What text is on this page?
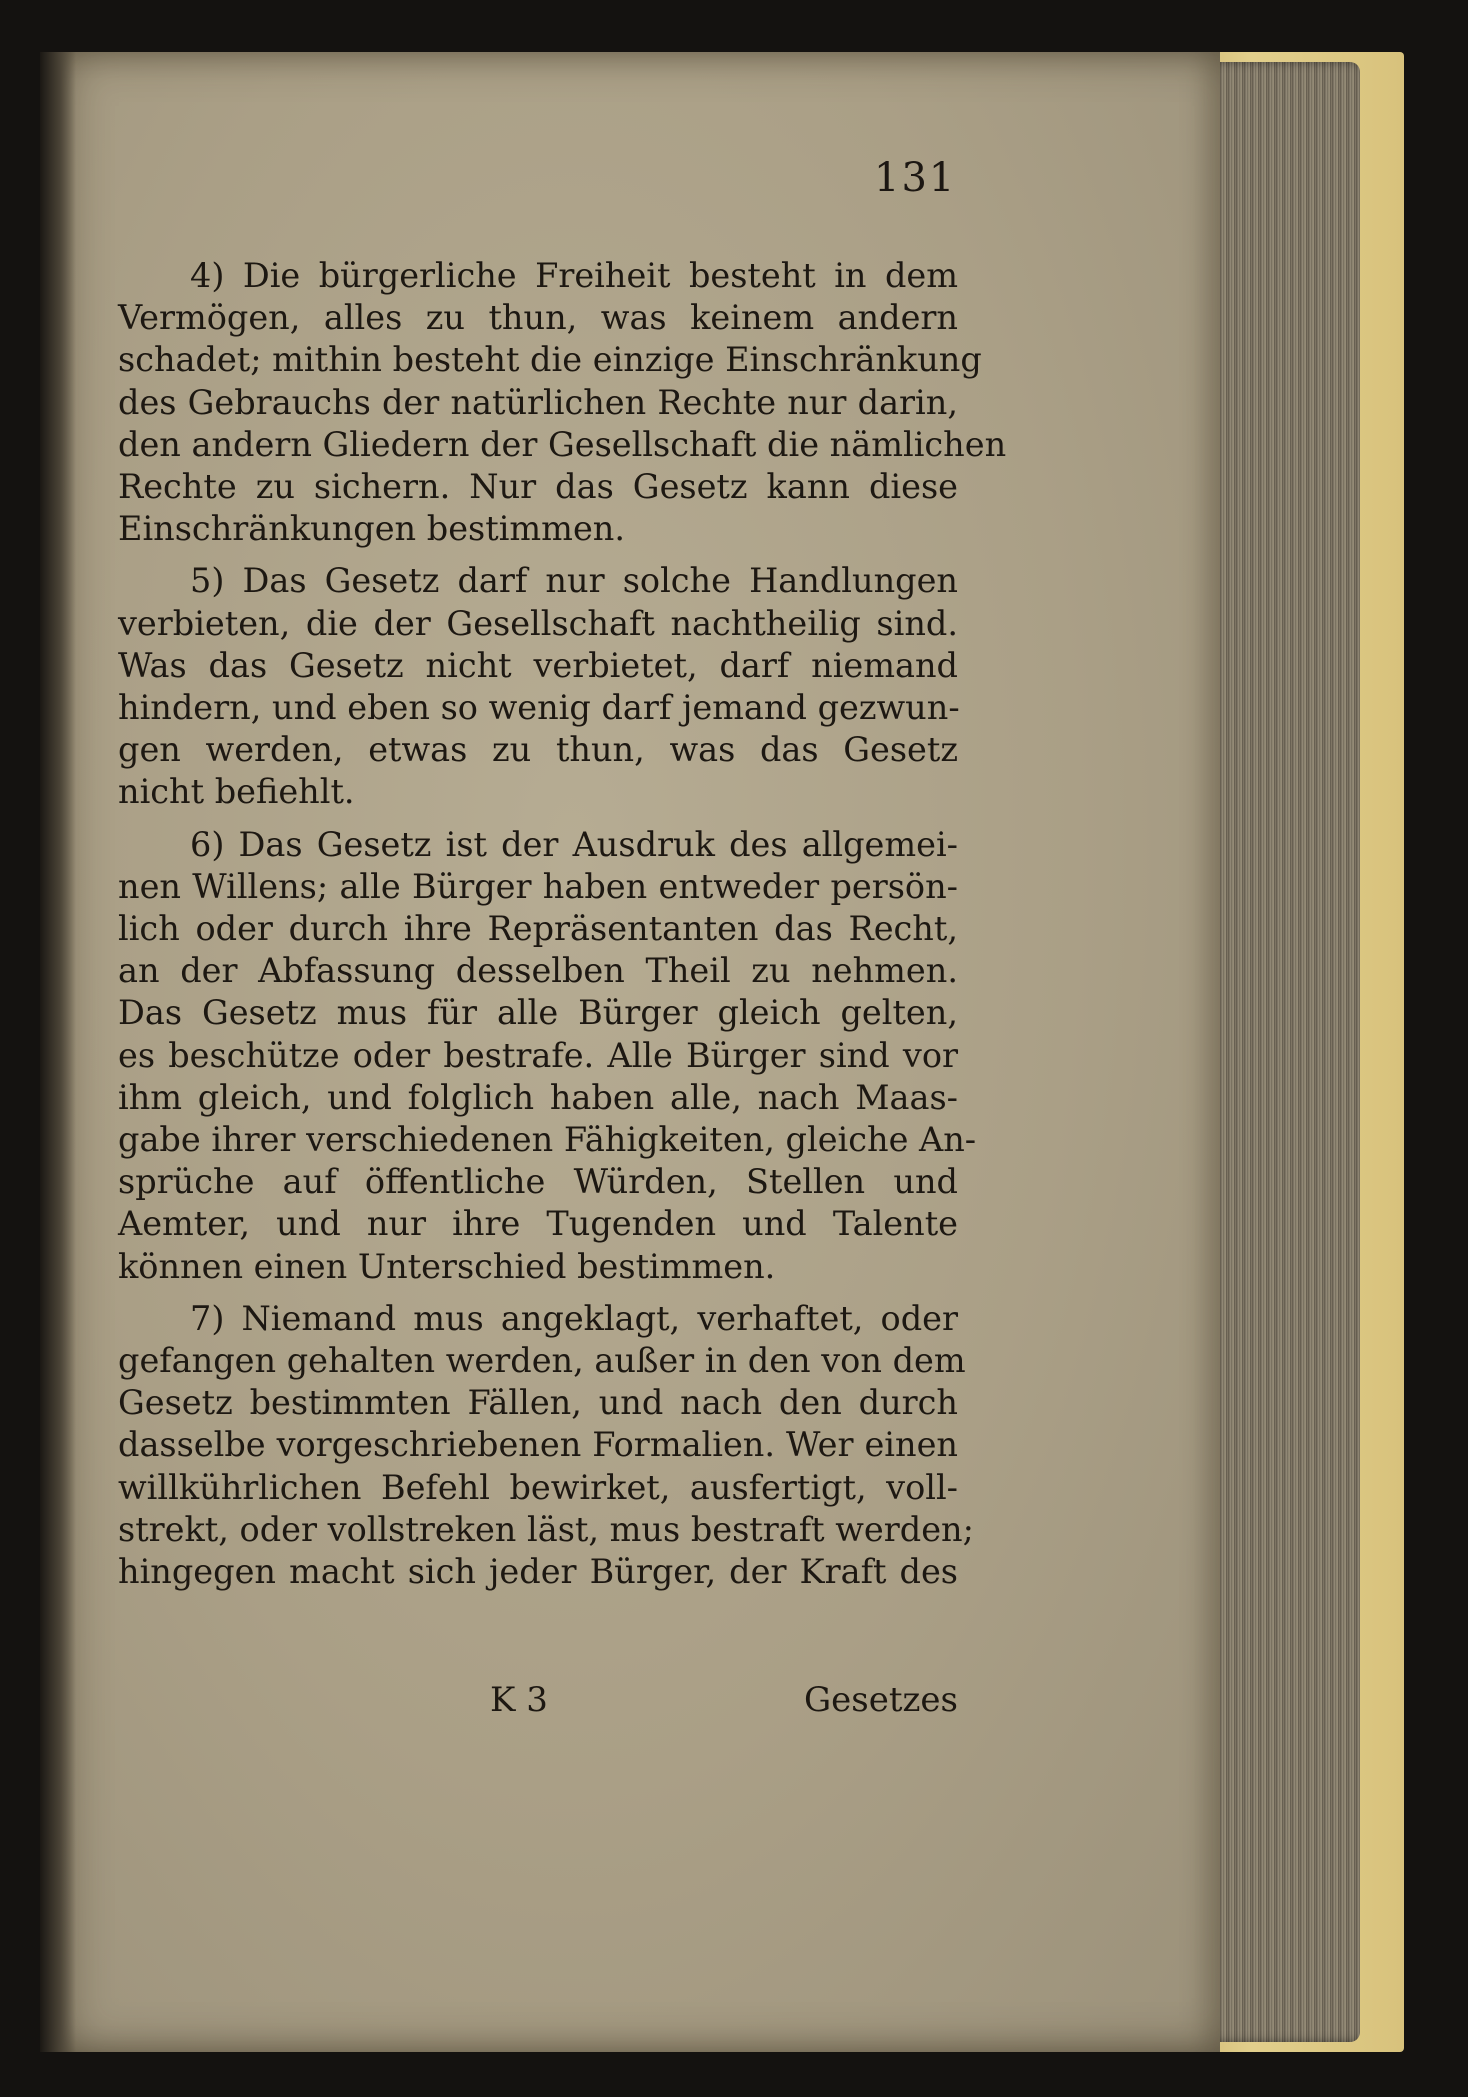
131
4) Die bürgerliche Freiheit besteht in dem
Vermögen, alles zu thun, was keinem andern
schadet; mithin besteht die einzige Einschränkung
des Gebrauchs der natürlichen Rechte nur darin,
den andern Gliedern der Gesellschaft die nämlichen
Rechte zu sichern. Nur das Gesetz kann diese
Einschränkungen bestimmen.
5) Das Gesetz darf nur solche Handlungen
verbieten, die der Gesellschaft nachtheilig sind.
Was das Gesetz nicht verbietet, darf niemand
hindern, und eben so wenig darf jemand gezwun-
gen werden, etwas zu thun, was das Gesetz
nicht befiehlt.
6) Das Gesetz ist der Ausdruk des allgemei-
nen Willens; alle Bürger haben entweder persön-
lich oder durch ihre Repräsentanten das Recht,
an der Abfassung desselben Theil zu nehmen.
Das Gesetz mus für alle Bürger gleich gelten,
es beschütze oder bestrafe. Alle Bürger sind vor
ihm gleich, und folglich haben alle, nach Maas-
gabe ihrer verschiedenen Fähigkeiten, gleiche An-
sprüche auf öffentliche Würden, Stellen und
Aemter, und nur ihre Tugenden und Talente
können einen Unterschied bestimmen.
7) Niemand mus angeklagt, verhaftet, oder
gefangen gehalten werden, außer in den von dem
Gesetz bestimmten Fällen, und nach den durch
dasselbe vorgeschriebenen Formalien. Wer einen
willkührlichen Befehl bewirket, ausfertigt, voll-
strekt, oder vollstreken läst, mus bestraft werden;
hingegen macht sich jeder Bürger, der Kraft des
K 3	Gesetzes
